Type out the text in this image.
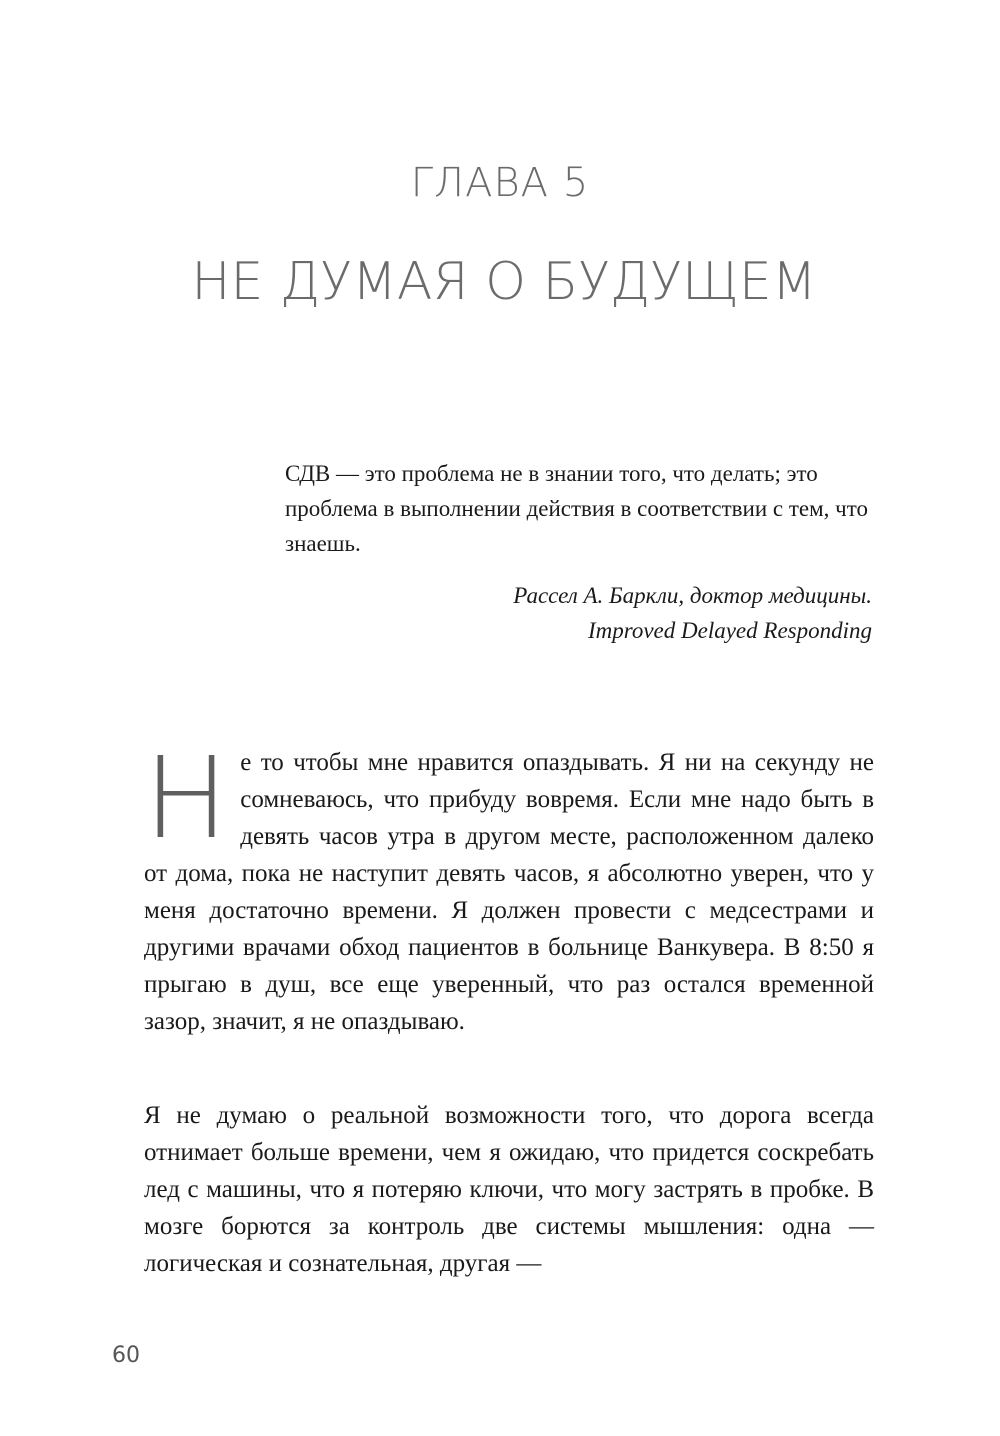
ГЛАВА 5
НЕ ДУМАЯ О БУДУЩЕМ

СДВ — это проблема не в знании того, что делать; это проблема в выполнении действия в соответствии с тем, что знаешь.

Рассел А. Баркли, доктор медицины.
Improved Delayed Responding

Не то чтобы мне нравится опаздывать. Я ни на секунду не сомневаюсь, что прибуду вовремя. Если мне надо быть в девять часов утра в другом месте, расположенном далеко от дома, пока не наступит девять часов, я абсолютно уверен, что у меня достаточно времени. Я должен провести с медсестрами и другими врачами обход пациентов в больнице Ванкувера. В 8:50 я прыгаю в душ, все еще уверенный, что раз остался временной зазор, значит, я не опаздываю.

Я не думаю о реальной возможности того, что дорога всегда отнимает больше времени, чем я ожидаю, что придется соскребать лед с машины, что я потеряю ключи, что могу застрять в пробке. В мозге борются за контроль две системы мышления: одна — логическая и сознательная, другая —

60
